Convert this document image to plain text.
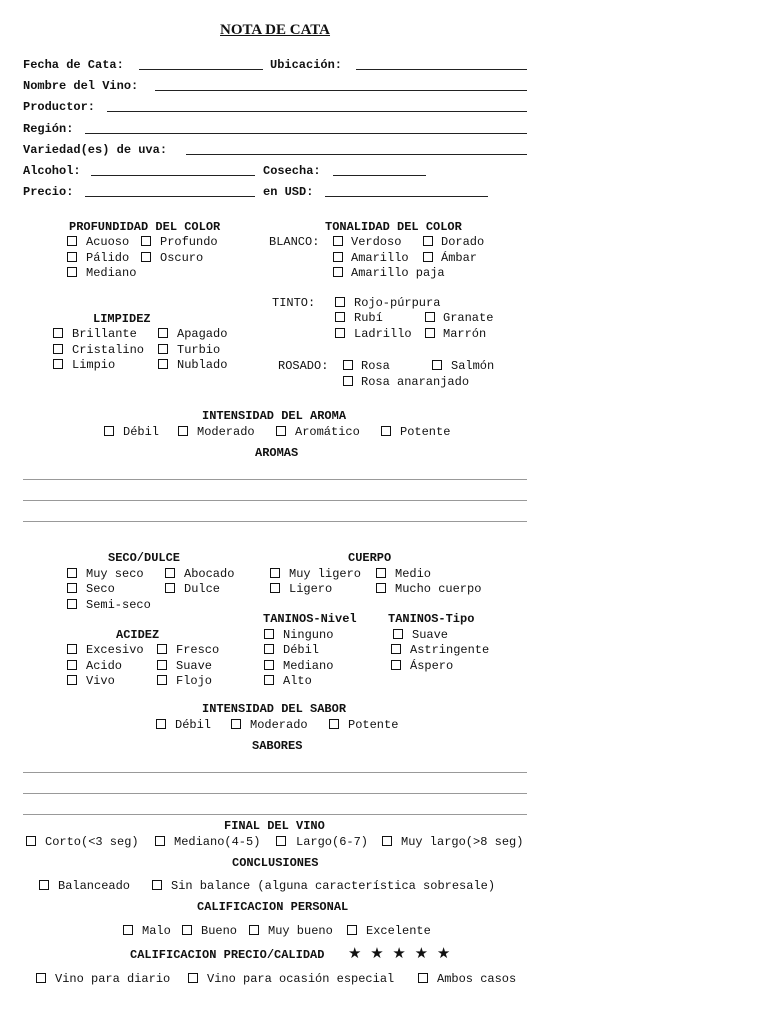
NOTA DE CATA
Fecha de Cata:	Ubicación:
Nombre del Vino:
Productor:
Región:
Variedad(es) de uva:
Alcohol:	Cosecha:
Precio:	en USD:
PROFUNDIDAD DEL COLOR
Acuoso	Profundo
Pálido	Oscuro
Mediano
TONALIDAD DEL COLOR
BLANCO:	Verdoso	Dorado
Amarillo	Ámbar
Amarillo paja
TINTO:	Rojo-púrpura
Rubí	Granate
Ladrillo	Marrón
ROSADO:	Rosa	Salmón
Rosa anaranjado
LIMPIDEZ
Brillante	Apagado
Cristalino	Turbio
Limpio	Nublado
INTENSIDAD DEL AROMA
Débil	Moderado	Aromático	Potente
AROMAS
SECO/DULCE
Muy seco	Abocado
Seco	Dulce
Semi-seco
CUERPO
Muy ligero	Medio
Ligero	Mucho cuerpo
ACIDEZ
Excesivo	Fresco
Acido	Suave
Vivo	Flojo
TANINOS-Nivel
Ninguno
Débil
Mediano
Alto
TANINOS-Tipo
Suave
Astringente
Áspero
INTENSIDAD DEL SABOR
Débil	Moderado	Potente
SABORES
FINAL DEL VINO
Corto(<3 seg)	Mediano(4-5)	Largo(6-7)	Muy largo(>8 seg)
CONCLUSIONES
Balanceado	Sin balance (alguna característica sobresale)
CALIFICACION PERSONAL
Malo	Bueno	Muy bueno	Excelente
CALIFICACION PRECIO/CALIDAD ★ ★ ★ ★ ★
Vino para diario	Vino para ocasión especial	Ambos casos
